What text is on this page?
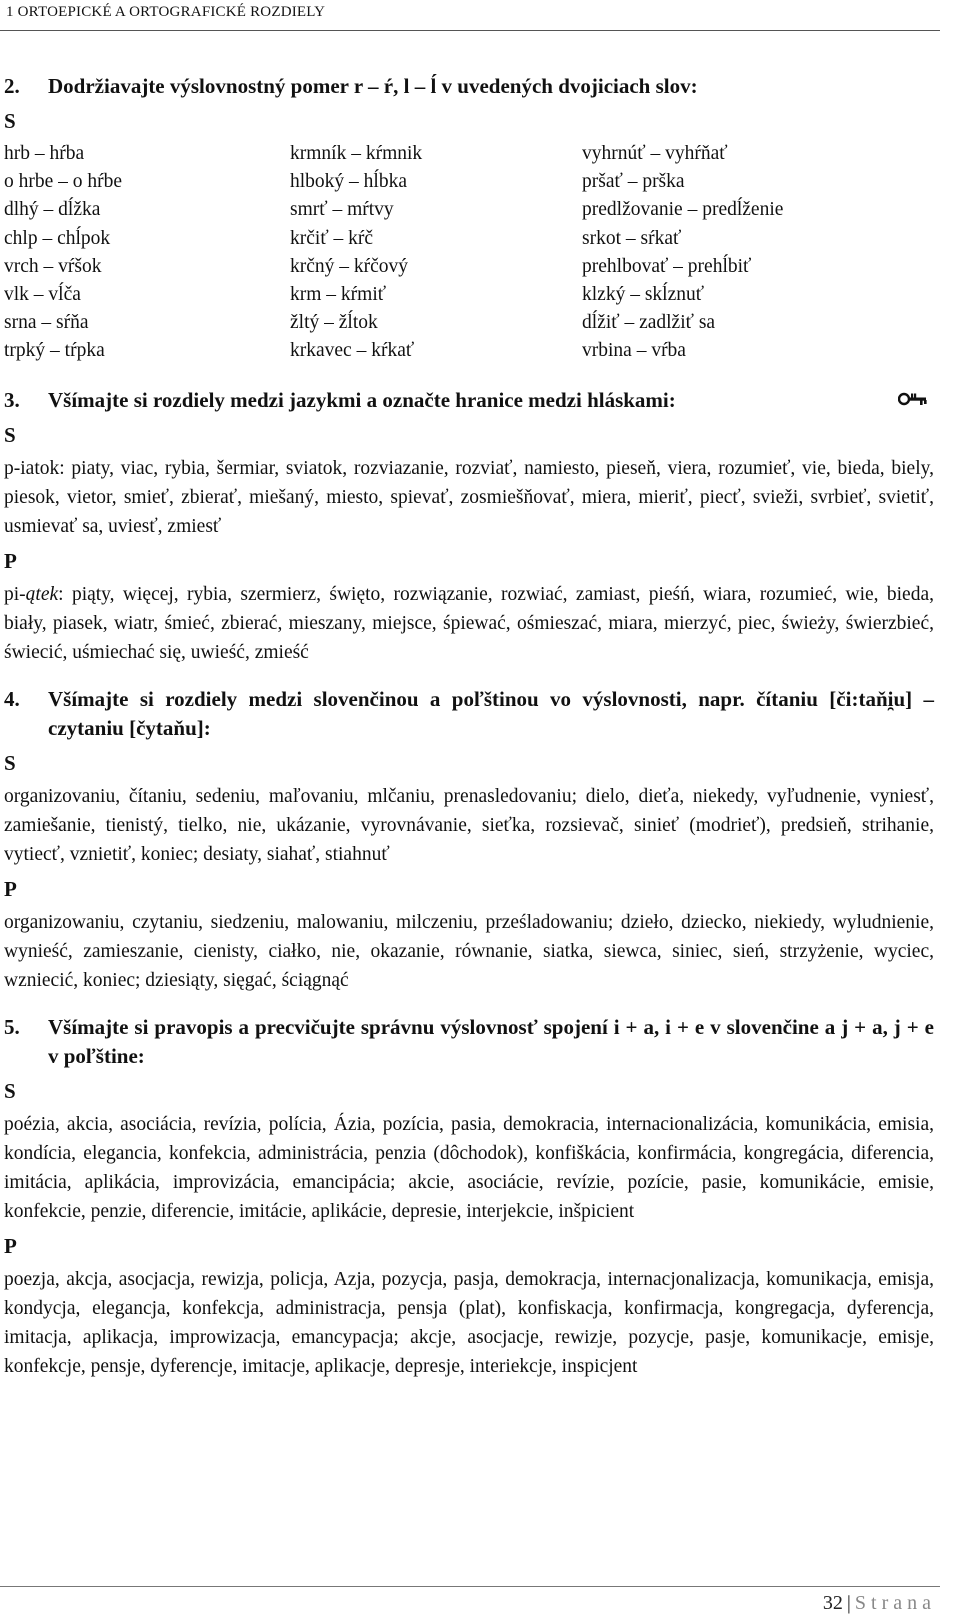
1 ORTOEPICKÉ A ORTOGRAFICKÉ ROZDIELY
2.	Dodržiavajte výslovnostný pomer r – ŕ, l – ĺ v uvedených dvojiciach slov:
S
hrb – hŕba	krmník – kŕmnik	vyhrnúť – vyhŕňať
o hrbe – o hŕbe	hlboký – hĺbka	pršať – prška
dlhý – dĺžka	smrť – mŕtvy	predlžovanie – predĺženie
chlp – chĺpok	krčiť – kŕč	srkot – sŕkať
vrch – vŕšok	krčný – kŕčový	prehlbovať – prehĺbiť
vlk – vĺča	krm – kŕmiť	klzký – skĺznuť
srna – sŕňa	žltý – žĺtok	dĺžiť – zadlžiť sa
trpký – tŕpka	krkavec – kŕkať	vrbina – vŕba
3.	Všímajte si rozdiely medzi jazykmi a označte hranice medzi hláskami:
S

p-iatok: piaty, viac, rybia, šermiar, sviatok, rozviazanie, rozviať, namiesto, pieseň, viera, rozumieť, vie, bieda, biely, piesok, vietor, smieť, zbierať, miešaný, miesto, spievať, zosmiešňovať, miera, mieriť, piecť, svieži, svrbieť, svietiť, usmievať sa, uviesť, zmiesť

P

pi-ątek: piąty, więcej, rybia, szermierz, święto, rozwiązanie, rozwiać, zamiast, pieśń, wiara, rozumieć, wie, bieda, biały, piasek, wiatr, śmieć, zbierać, mieszany, miejsce, śpiewać, ośmieszać, miara, mierzyć, piec, świeży, świerzbieć, świecić, uśmiechać się, uwieść, zmieść

4.	Všímajte si rozdiely medzi slovenčinou a poľštinou vo výslovnosti, napr. čítaniu [či:taňi̯u] – czytaniu [čytaňu]:
S

organizovaniu, čítaniu, sedeniu, maľovaniu, mlčaniu, prenasledovaniu; dielo, dieťa, niekedy, vyľudnenie, vyniesť, zamiešanie, tienistý, tielko, nie, ukázanie, vyrovnávanie, sieťka, rozsievač, sinieť (modrieť), predsieň, strihanie, vytiecť, vznietiť, koniec; desiaty, siahať, stiahnuť

P

organizowaniu, czytaniu, siedzeniu, malowaniu, milczeniu, prześladowaniu; dzieło, dziecko, niekiedy, wyludnienie, wynieść, zamieszanie, cienisty, ciałko, nie, okazanie, równanie, siatka, siewca, siniec, sień, strzyżenie, wyciec, wzniecić, koniec; dziesiąty, sięgać, ściągnąć

5.	Všímajte si pravopis a precvičujte správnu výslovnosť spojení i + a, i + e v slovenčine a j + a, j + e v poľštine:
S

poézia, akcia, asociácia, revízia, polícia, Ázia, pozícia, pasia, demokracia, internacionalizácia, komunikácia, emisia, kondícia, elegancia, konfekcia, administrácia, penzia (dôchodok), konfiškácia, konfirmácia, kongregácia, diferencia, imitácia, aplikácia, improvizácia, emancipácia; akcie, asociácie, revízie, pozície, pasie, komunikácie, emisie, konfekcie, penzie, diferencie, imitácie, aplikácie, depresie, interjekcie, inšpicient

P

poezja, akcja, asocjacja, rewizja, policja, Azja, pozycja, pasja, demokracja, internacjonalizacja, komunikacja, emisja, kondycja, elegancja, konfekcja, administracja, pensja (plat), konfiskacja, konfirmacja, kongregacja, dyferencja, imitacja, aplikacja, improwizacja, emancypacja; akcje, asocjacje, rewizje, pozycje, pasje, komunikacje, emisje, konfekcje, pensje, dyferencje, imitacje, aplikacje, depresje, interiekcje, inspicjent

32 | Strana
